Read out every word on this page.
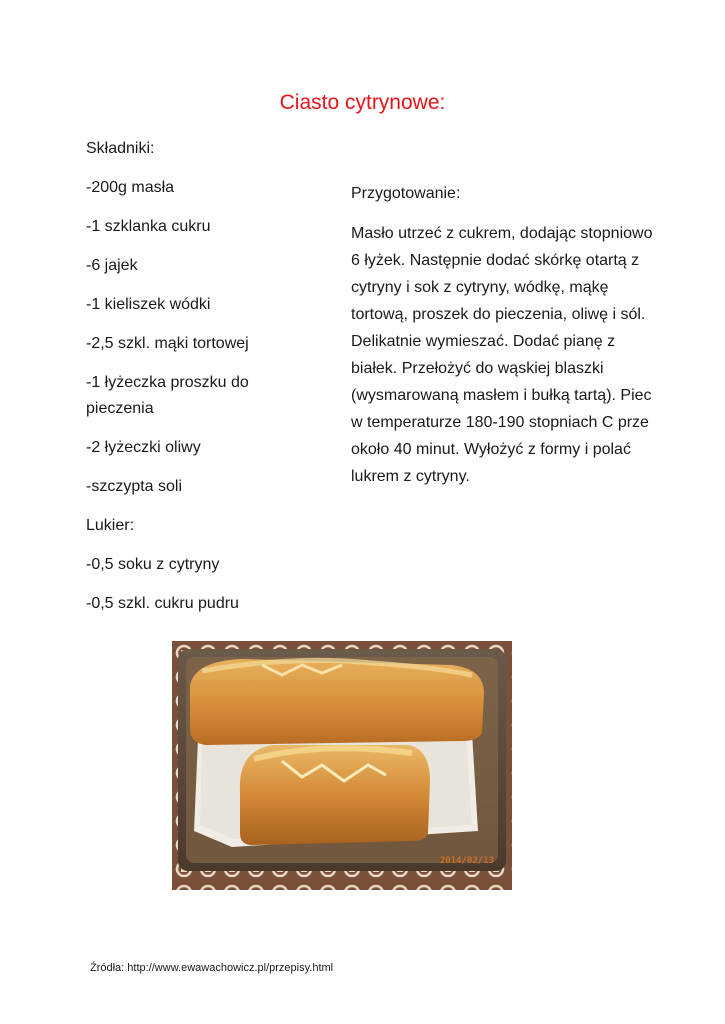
Ciasto cytrynowe:
Składniki:
-200g masła
-1 szklanka cukru
-6 jajek
-1 kieliszek wódki
-2,5 szkl. mąki tortowej
-1 łyżeczka proszku do pieczenia
-2 łyżeczki oliwy
-szczypta soli
Lukier:
-0,5 soku z cytryny
-0,5 szkl. cukru pudru
Przygotowanie:

Masło utrzeć z cukrem, dodając stopniowo 6 łyżek. Następnie dodać skórkę otartą z cytryny i sok z cytryny, wódkę, mąkę tortową, proszek do pieczenia, oliwę i sól. Delikatnie wymieszać. Dodać pianę z białek. Przełożyć do wąskiej blaszki (wysmarowaną masłem i bułką tartą). Piec w temperaturze 180-190 stopniach C prze około 40 minut. Wyłożyć z formy i polać lukrem z cytryny.

2014/02/13
Źródła: http://www.ewawachowicz.pl/przepisy.html
